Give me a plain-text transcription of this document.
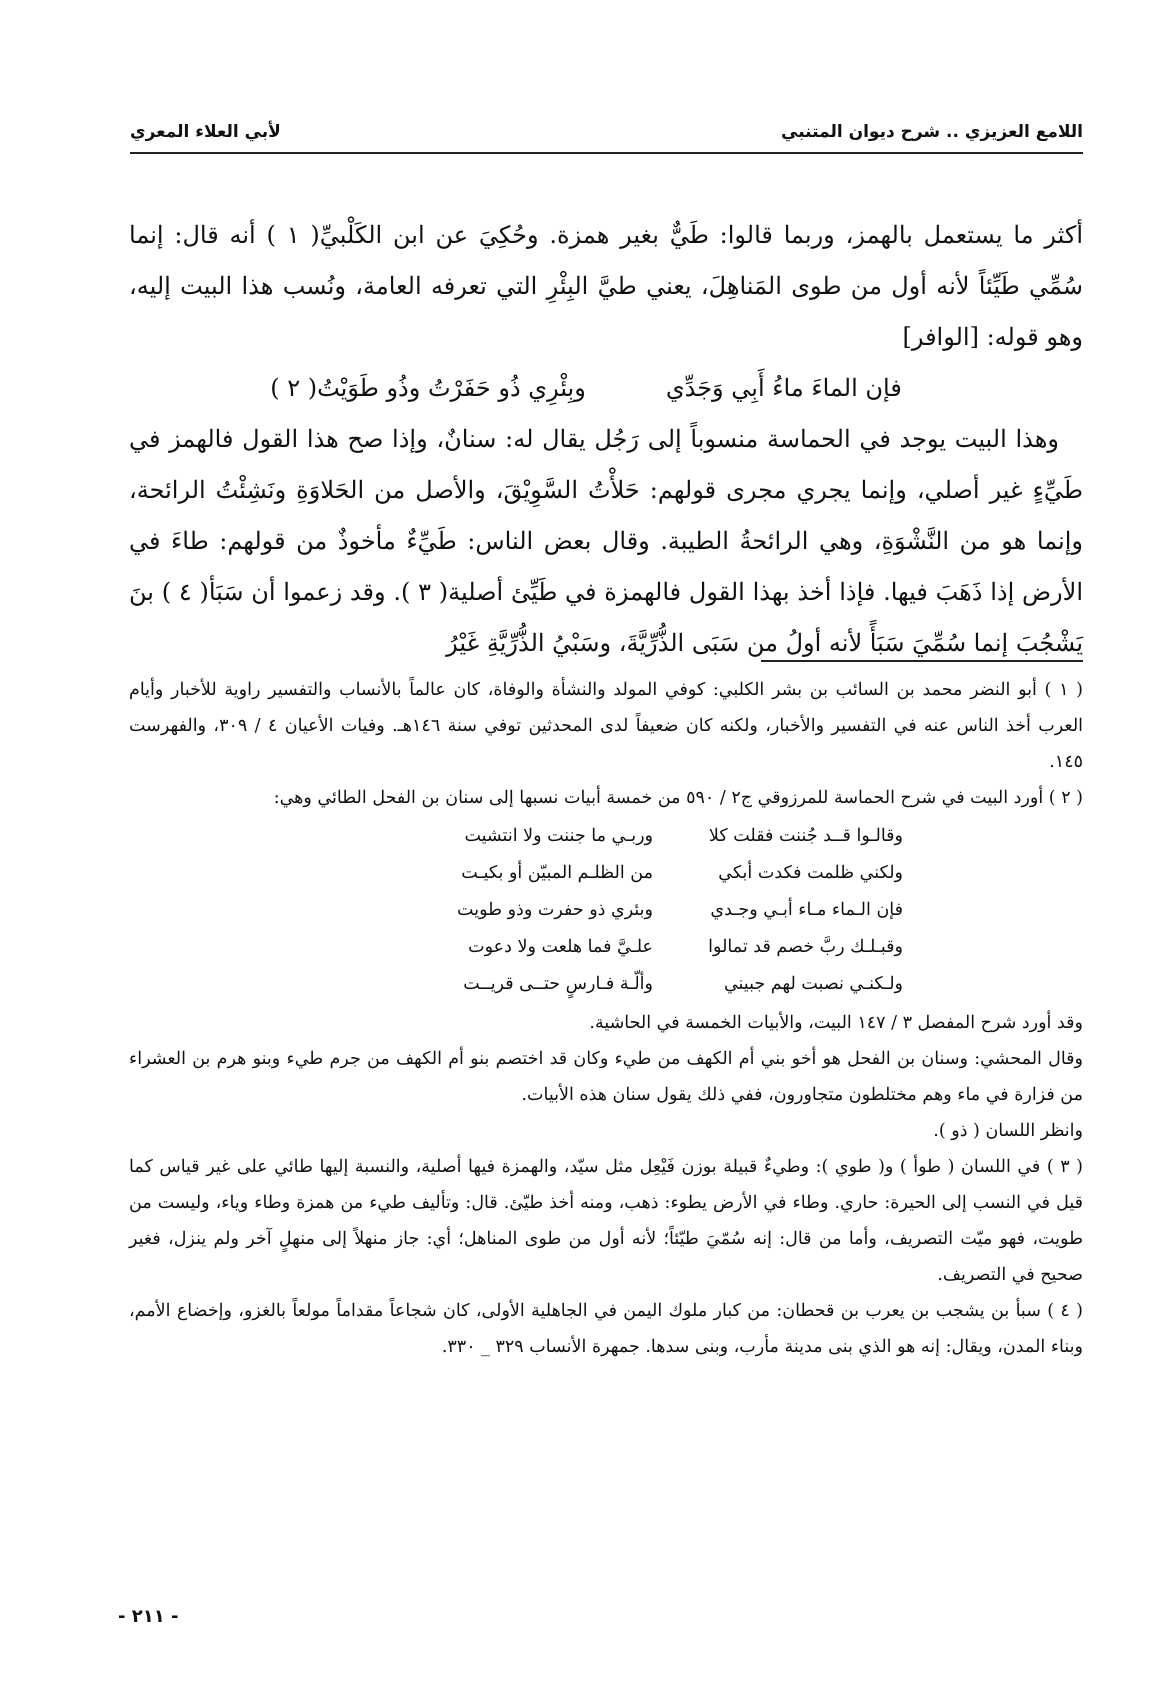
اللامع العزيزي .. شرح ديوان المتنبي
لأبي العلاء المعري

أكثر ما يستعمل بالهمز، وربما قالوا: طَيٌّ بغير همزة. وحُكِيَ عن ابن الكَلْبيِّ( ١ ) أنه قال: إنما سُمِّي طَيِّئاً لأنه أول من طوى المَناهِلَ، يعني طيَّ البِئْرِ التي تعرفه العامة، ونُسب هذا البيت إليه، وهو قوله: [الوافر]

فإن الماءَ ماءُ أَبِي وَجَدِّي
وبِئْرِي ذُو حَفَرْتُ وذُو طَوَيْتُ( ٢ )

وهذا البيت يوجد في الحماسة منسوباً إلى رَجُل يقال له: سنانٌ، وإذا صح هذا القول فالهمز في طَيِّءٍ غير أصلي، وإنما يجري مجرى قولهم: حَلأْتُ السَّوِيْقَ، والأصل من الحَلاوَةِ ونَشِئْتُ الرائحة، وإنما هو من النَّشْوَةِ، وهي الرائحةُ الطيبة. وقال بعض الناس: طَيِّءٌ مأخوذٌ من قولهم: طاءَ في الأرض إذا ذَهَبَ فيها. فإذا أخذ بهذا القول فالهمزة في طَيِّئ أصلية( ٣ ). وقد زعموا أن سَبَأ( ٤ ) بنَ يَشْجُبَ إنما سُمِّيَ سَبَأً لأنه أولُ من سَبَى الذُّرِّيَّةَ، وسَبْيُ الذُّرِّيَّةِ غَيْرُ

( ١ ) أبو النضر محمد بن السائب بن بشر الكلبي: كوفي المولد والنشأة والوفاة، كان عالماً بالأنساب والتفسير راوية للأخبار وأيام العرب أخذ الناس عنه في التفسير والأخبار، ولكنه كان ضعيفاً لدى المحدثين توفي سنة ١٤٦هـ. وفيات الأعيان ٤ / ٣٠٩، والفهرست ١٤٥.

( ٢ ) أورد البيت في شرح الحماسة للمرزوقي ج٢ / ٥٩٠ من خمسة أبيات نسبها إلى سنان بن الفحل الطائي وهي:

وقالـوا قــد جُننت فقلت كلا
وربـي ما جننت ولا انتشيت
ولكني ظلمت فكدت أبكي
من الظلـم المبيّن أو بكيـت
فإن الـماء مـاء أبـي وجـدي
وبئري ذو حفرت وذو طويت
وقبـلـك ربَّ خصم قد تمالوا
علـيَّ فما هلعت ولا دعوت
ولـكنـي نصبت لهم جبيني
وألّـة فـارسٍ حتــى قريــت

وقد أورد شرح المفصل ٣ / ١٤٧ البيت، والأبيات الخمسة في الحاشية.

وقال المحشي: وسنان بن الفحل هو أخو بني أم الكهف من طيء وكان قد اختصم بنو أم الكهف من جرم طيء وبنو هرم بن العشراء من فزارة في ماء وهم مختلطون متجاورون، ففي ذلك يقول سنان هذه الأبيات.

وانظر اللسان ( ذو ).

( ٣ ) في اللسان ( طوأ ) و( طوي ): وطيءٌ قبيلة بوزن فَيْعِل مثل سيّد، والهمزة فيها أصلية، والنسبة إليها طائي على غير قياس كما قيل في النسب إلى الحيرة: حاري. وطاء في الأرض يطوء: ذهب، ومنه أخذ طيّئ. قال: وتأليف طيء من همزة وطاء وياء، وليست من طويت، فهو ميّت التصريف، وأما من قال: إنه سُمّيَ طيّئاً؛ لأنه أول من طوى المناهل؛ أي: جاز منهلاً إلى منهلٍ آخر ولم ينزل، فغير صحيح في التصريف.

( ٤ ) سبأ بن يشجب بن يعرب بن قحطان: من كبار ملوك اليمن في الجاهلية الأولى، كان شجاعاً مقداماً مولعاً بالغزو، وإخضاع الأمم، وبناء المدن، ويقال: إنه هو الذي بنى مدينة مأرب، وبنى سدها. جمهرة الأنساب ٣٢٩ _ ٣٣٠.

- ٢١١ -
